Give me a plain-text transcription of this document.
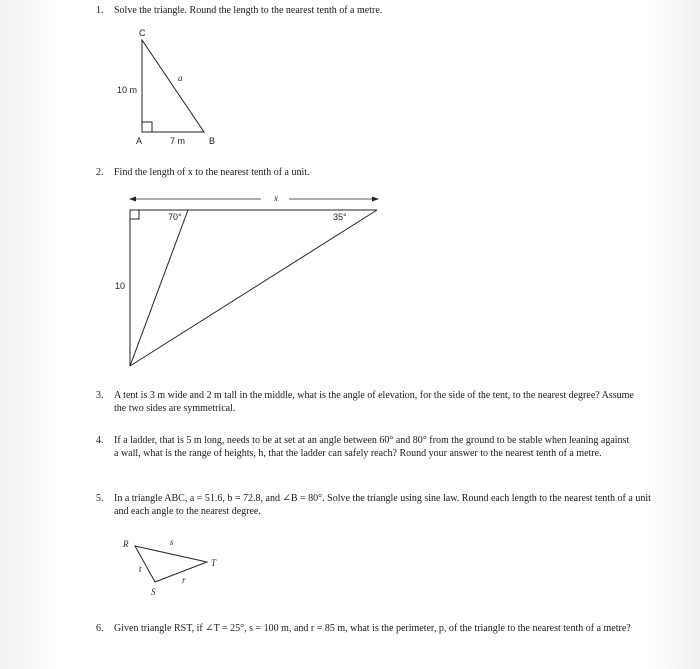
1. Solve the triangle. Round the length to the nearest tenth of a metre.
C
10 m
a
A	7 m	B
2. Find the length of x to the nearest tenth of a unit.
x
70°	35°
10
3. A tent is 3 m wide and 2 m tall in the middle, what is the angle of elevation, for the side of the tent, to the nearest degree? Assume the two sides are symmetrical.
4. If a ladder, that is 5 m long, needs to be at set at an angle between 60° and 80° from the ground to be stable when leaning against a wall, what is the range of heights, h, that the ladder can safely reach? Round your answer to the nearest tenth of a metre.
5. In a triangle ABC, a = 51.6, b = 72.8, and ∠B = 80°. Solve the triangle using sine law. Round each length to the nearest tenth of a unit and each angle to the nearest degree.
R	s
T
t
r
S
6. Given triangle RST, if ∠T = 25°, s = 100 m, and r = 85 m, what is the perimeter, p, of the triangle to the nearest tenth of a metre?
